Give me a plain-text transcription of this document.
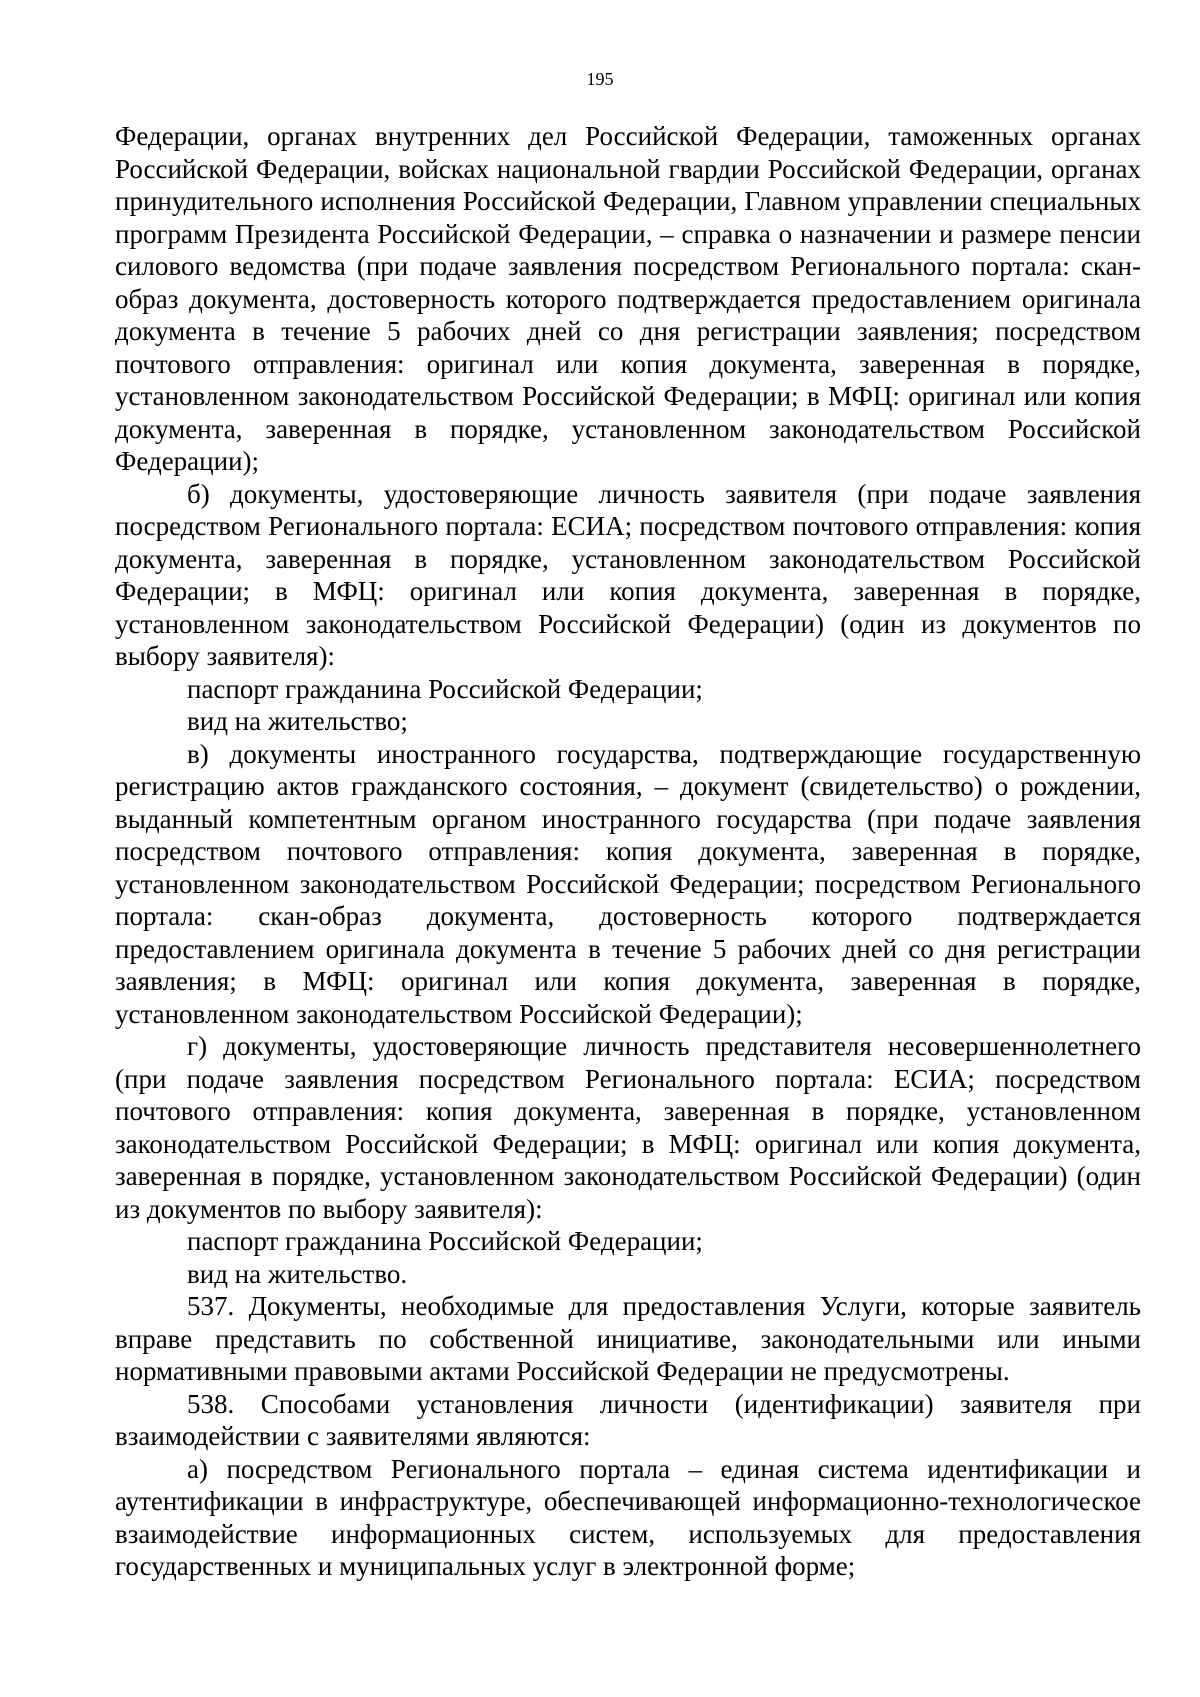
195

Федерации, органах внутренних дел Российской Федерации, таможенных органах Российской Федерации, войсках национальной гвардии Российской Федерации, органах принудительного исполнения Российской Федерации, Главном управлении специальных программ Президента Российской Федерации, – справка о назначении и размере пенсии силового ведомства (при подаче заявления посредством Регионального портала: скан-образ документа, достоверность которого подтверждается предоставлением оригинала документа в течение 5 рабочих дней со дня регистрации заявления; посредством почтового отправления: оригинал или копия документа, заверенная в порядке, установленном законодательством Российской Федерации; в МФЦ: оригинал или копия документа, заверенная в порядке, установленном законодательством Российской Федерации);

б) документы, удостоверяющие личность заявителя (при подаче заявления посредством Регионального портала: ЕСИА; посредством почтового отправления: копия документа, заверенная в порядке, установленном законодательством Российской Федерации; в МФЦ: оригинал или копия документа, заверенная в порядке, установленном законодательством Российской Федерации) (один из документов по выбору заявителя):

паспорт гражданина Российской Федерации;

вид на жительство;

в) документы иностранного государства, подтверждающие государственную регистрацию актов гражданского состояния, – документ (свидетельство) о рождении, выданный компетентным органом иностранного государства (при подаче заявления посредством почтового отправления: копия документа, заверенная в порядке, установленном законодательством Российской Федерации; посредством Регионального портала: скан-образ документа, достоверность которого подтверждается предоставлением оригинала документа в течение 5 рабочих дней со дня регистрации заявления; в МФЦ: оригинал или копия документа, заверенная в порядке, установленном законодательством Российской Федерации);

г) документы, удостоверяющие личность представителя несовершеннолетнего (при подаче заявления посредством Регионального портала: ЕСИА; посредством почтового отправления: копия документа, заверенная в порядке, установленном законодательством Российской Федерации; в МФЦ: оригинал или копия документа, заверенная в порядке, установленном законодательством Российской Федерации) (один из документов по выбору заявителя):

паспорт гражданина Российской Федерации;

вид на жительство.

537. Документы, необходимые для предоставления Услуги, которые заявитель вправе представить по собственной инициативе, законодательными или иными нормативными правовыми актами Российской Федерации не предусмотрены.

538. Способами установления личности (идентификации) заявителя при взаимодействии с заявителями являются:

а) посредством Регионального портала – единая система идентификации и аутентификации в инфраструктуре, обеспечивающей информационно-технологическое взаимодействие информационных систем, используемых для предоставления государственных и муниципальных услуг в электронной форме;
